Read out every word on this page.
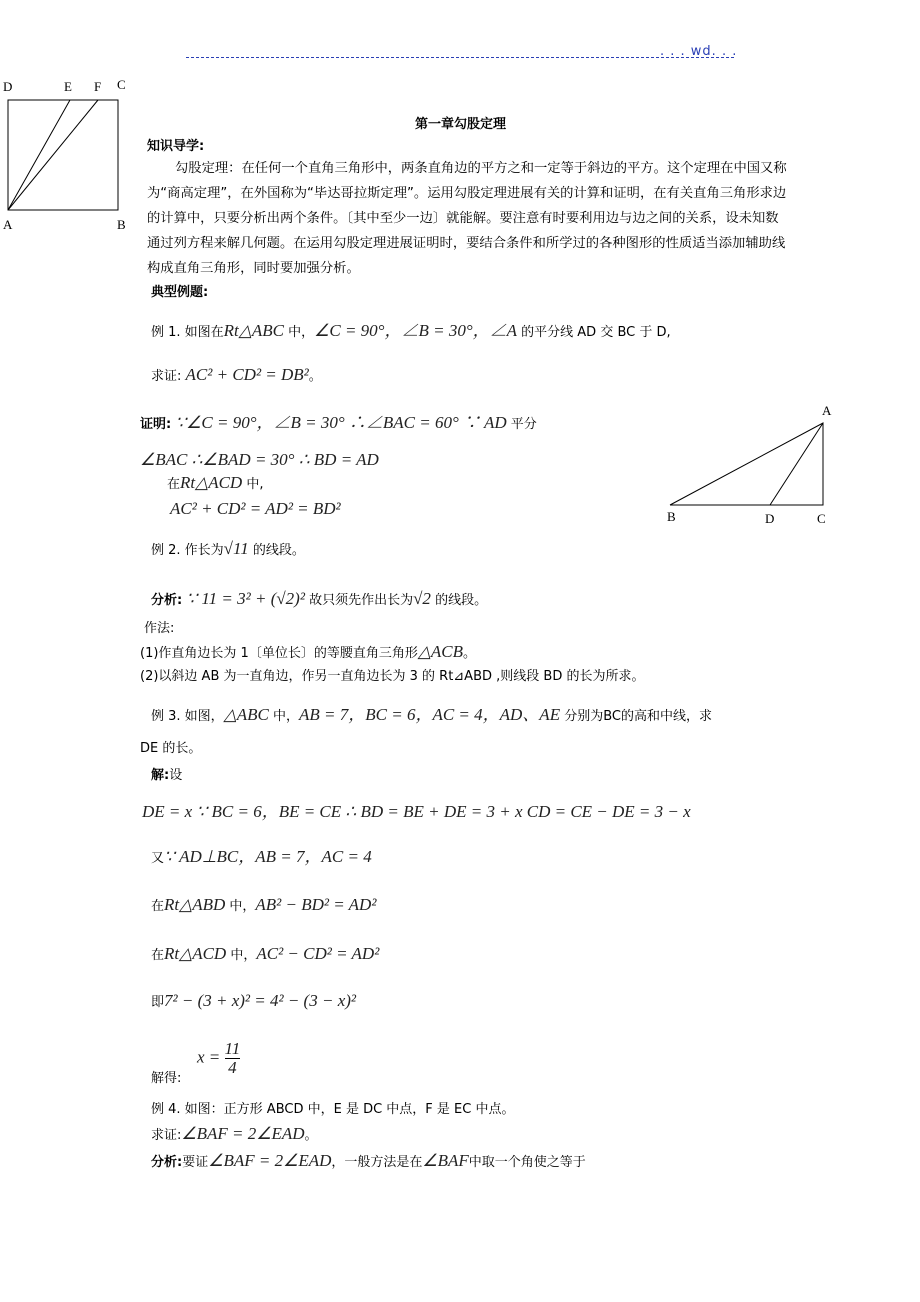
. . . wd. . .
D	E F C
A	B
第一章勾股定理
知识导学:
勾股定理：在任何一个直角三角形中，两条直角边的平方之和一定等于斜边的平方。这个定理在中国又称为“商高定理”，在外国称为“毕达哥拉斯定理”。运用勾股定理进展有关的计算和证明，在有关直角三角形求边的计算中，只要分析出两个条件。〔其中至少一边〕就能解。要注意有时要利用边与边之间的关系，设未知数通过列方程来解几何题。在运用勾股定理进展证明时，要结合条件和所学过的各种图形的性质适当添加辅助线构成直角三角形，同时要加强分析。
典型例题:
例 1. 如图在Rt△ABC 中，∠C = 90°，∠B = 30°，∠A 的平分线 AD 交 BC 于 D,
求证: AC² + CD² = DB²。
证明: ∵∠C = 90°，∠B = 30° ∴∠BAC = 60° ∵ AD 平分
∠BAC ∴∠BAD = 30° ∴ BD = AD
在Rt△ACD 中,
AC² + CD² = AD² = BD²
A
B	D	C
例 2. 作长为√11 的线段。
分析: ∵ 11 = 3² + (√2)² 故只须先作出长为√2 的线段。
作法:
(1)作直角边长为 1〔单位长〕的等腰直角三角形△ACB。
(2)以斜边 AB 为一直角边，作另一直角边长为 3 的 Rt⊿ABD ,则线段 BD 的长为所求。
例 3. 如图，△ABC 中，AB = 7，BC = 6，AC = 4，AD、AE 分别为BC的高和中线，求
DE 的长。
解:设
DE = x ∵ BC = 6，BE = CE ∴ BD = BE + DE = 3 + x CD = CE − DE = 3 − x
又∵ AD⊥BC，AB = 7，AC = 4
在Rt△ABD 中，AB² − BD² = AD²
在Rt△ACD 中，AC² − CD² = AD²
即7² − (3 + x)² = 4² − (3 − x)²
解得:
$x = \frac{11}{4}$
例 4. 如图：正方形 ABCD 中，E 是 DC 中点，F 是 EC 中点。
求证:∠BAF = 2∠EAD。
分析:要证∠BAF = 2∠EAD，一般方法是在∠BAF中取一个角使之等于
